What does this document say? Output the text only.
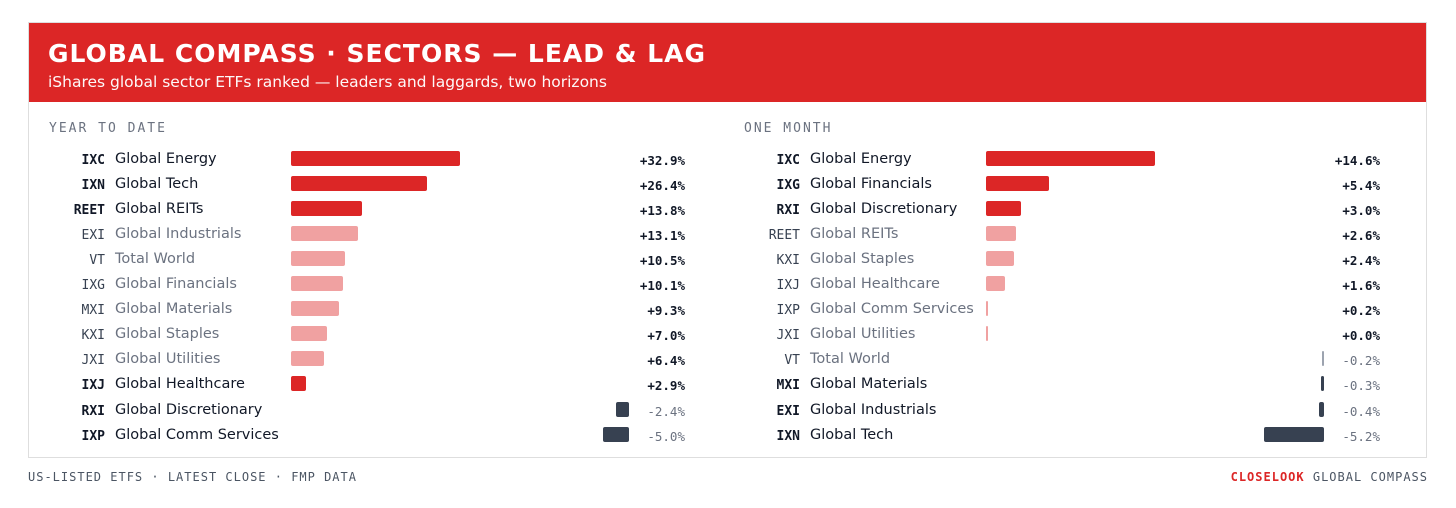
GLOBAL COMPASS · SECTORS — LEAD & LAG
iShares global sector ETFs ranked — leaders and laggards, two horizons
YEAR TO DATE
IXC Global Energy	+32.9%
IXN Global Tech	+26.4%
REET Global REITs	+13.8%
EXI Global Industrials	+13.1%
VT Total World	+10.5%
IXG Global Financials	+10.1%
MXI Global Materials	+9.3%
KXI Global Staples	+7.0%
JXI Global Utilities	+6.4%
IXJ Global Healthcare	+2.9%
RXI Global Discretionary	-2.4%
IXP Global Comm Services	-5.0%
ONE MONTH
IXC Global Energy	+14.6%
IXG Global Financials	+5.4%
RXI Global Discretionary	+3.0%
REET Global REITs	+2.6%
KXI Global Staples	+2.4%
IXJ Global Healthcare	+1.6%
IXP Global Comm Services	+0.2%
JXI Global Utilities	+0.0%
VT Total World	-0.2%
MXI Global Materials	-0.3%
EXI Global Industrials	-0.4%
IXN Global Tech	-5.2%
US-LISTED ETFS · LATEST CLOSE · FMP DATA	CLOSELOOK GLOBAL COMPASS
